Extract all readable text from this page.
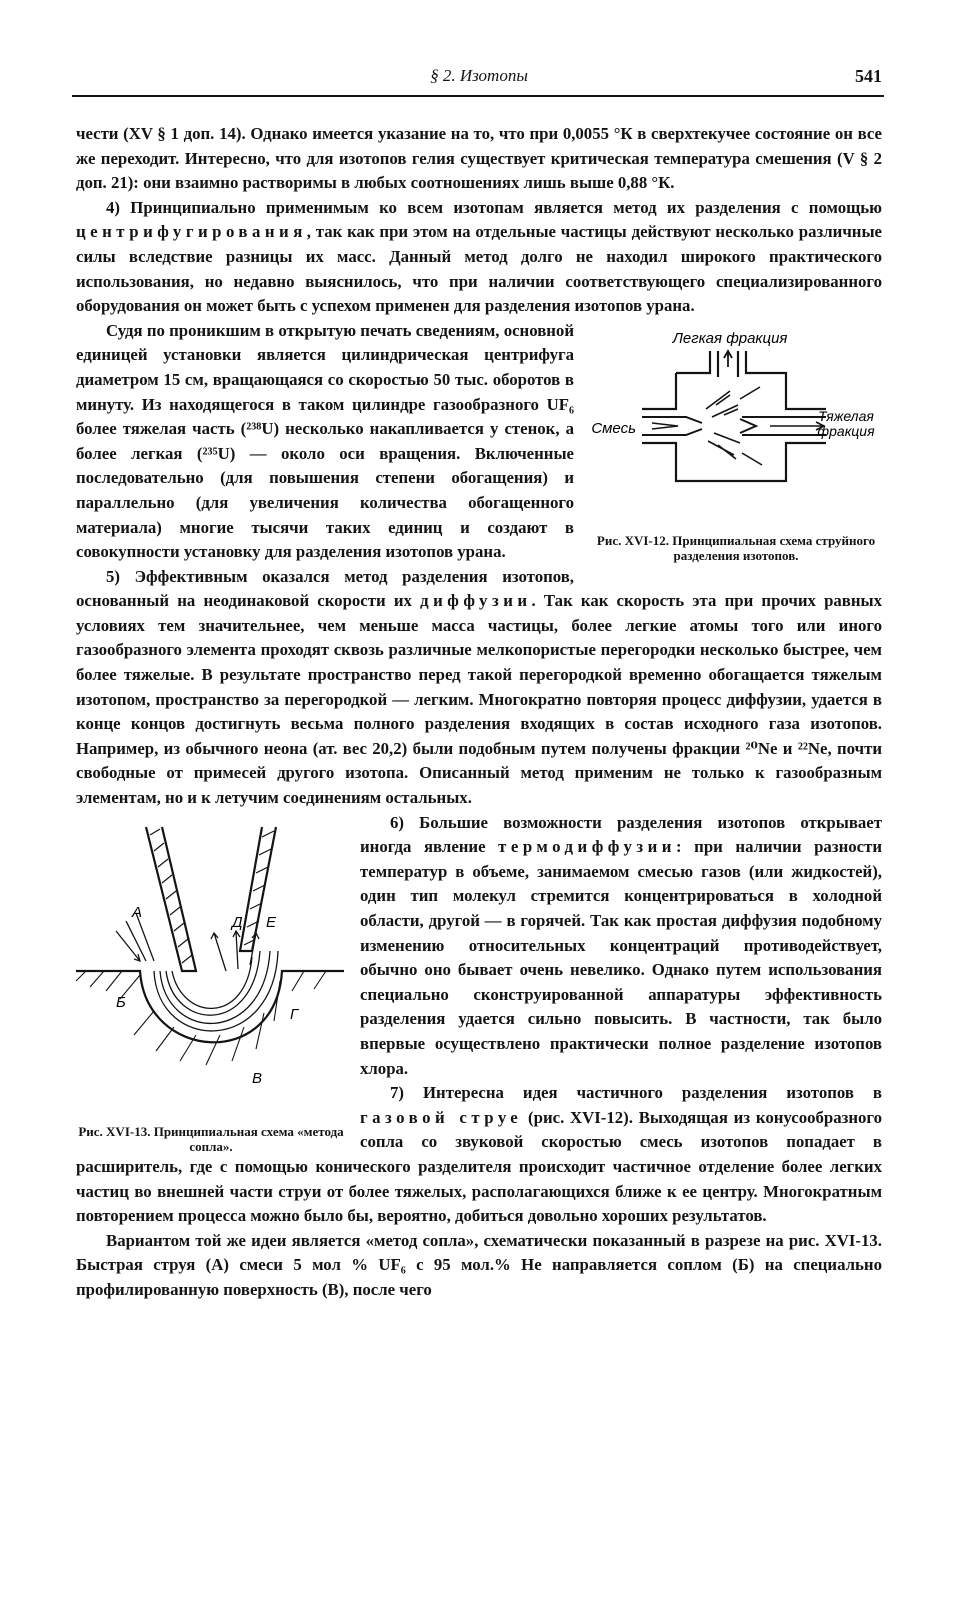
§ 2. Изотопы	541

чести (XV § 1 доп. 14). Однако имеется указание на то, что при 0,0055 °К в сверхтекучее состояние он все же переходит. Интересно, что для изотопов гелия существует критическая температура смешения (V § 2 доп. 21): они взаимно растворимы в любых соотношениях лишь выше 0,88 °К.

4) Принципиально применимым ко всем изотопам является метод их разделения с помощью центрифугирования, так как при этом на отдельные частицы действуют несколько различные силы вследствие разницы их масс. Данный метод долго не находил широкого практического использования, но недавно выяснилось, что при наличии соответствующего специализированного оборудования он может быть с успехом применен для разделения изотопов урана.

Легкая фракция
Смесь
Тяжелая
фракция
Рис. XVI-12. Принципиальная схема струйного разделения изотопов.

Судя по проникшим в открытую печать сведениям, основной единицей установки является цилиндрическая центрифуга диаметром 15 см, вращающаяся со скоростью 50 тыс. оборотов в минуту. Из находящегося в таком цилиндре газообразного UF₆ более тяжелая часть (²³⁸U) несколько накапливается у стенок, а более легкая (²³⁵U) — около оси вращения. Включенные последовательно (для повышения степени обогащения) и параллельно (для увеличения количества обогащенного материала) многие тысячи таких единиц и создают в совокупности установку для разделения изотопов урана.

5) Эффективным оказался метод разделения изотопов, основанный на неодинаковой скорости их диффузии. Так как скорость эта при прочих равных условиях тем значительнее, чем меньше масса частицы, более легкие атомы того или иного газообразного элемента проходят сквозь различные мелкопористые перегородки несколько быстрее, чем более тяжелые. В результате пространство перед такой перегородкой временно обогащается тяжелым изотопом, пространство за перегородкой — легким. Многократно повторяя процесс диффузии, удается в конце концов достигнуть весьма полного разделения входящих в состав исходного газа изотопов. Например, из обычного неона (ат. вес 20,2) были подобным путем получены фракции ²⁰Ne и ²²Ne, почти свободные от примесей другого изотопа. Описанный метод применим не только к газообразным элементам, но и к летучим соединениям остальных.

А
Б
В
Г
Д Е
Рис. XVI-13. Принципиальная схема «метода сопла».

6) Большие возможности разделения изотопов открывает иногда явление термодиффузии: при наличии разности температур в объеме, занимаемом смесью газов (или жидкостей), один тип молекул стремится концентрироваться в холодной области, другой — в горячей. Так как простая диффузия подобному изменению относительных концентраций противодействует, обычно оно бывает очень невелико. Однако путем использования специально сконструированной аппаратуры эффективность разделения удается сильно повысить. В частности, так было впервые осуществлено практически полное разделение изотопов хлора.

7) Интересна идея частичного разделения изотопов в газовой струе (рис. XVI-12). Выходящая из конусообразного сопла со звуковой скоростью смесь изотопов попадает в расширитель, где с помощью конического разделителя происходит частичное отделение более легких частиц во внешней части струи от более тяжелых, располагающихся ближе к ее центру. Многократным повторением процесса можно было бы, вероятно, добиться довольно хороших результатов.

Вариантом той же идеи является «метод сопла», схематически показанный в разрезе на рис. XVI-13. Быстрая струя (А) смеси 5 мол % UF₆ с 95 мол.% Не направляется соплом (Б) на специально профилированную поверхность (В), после чего
